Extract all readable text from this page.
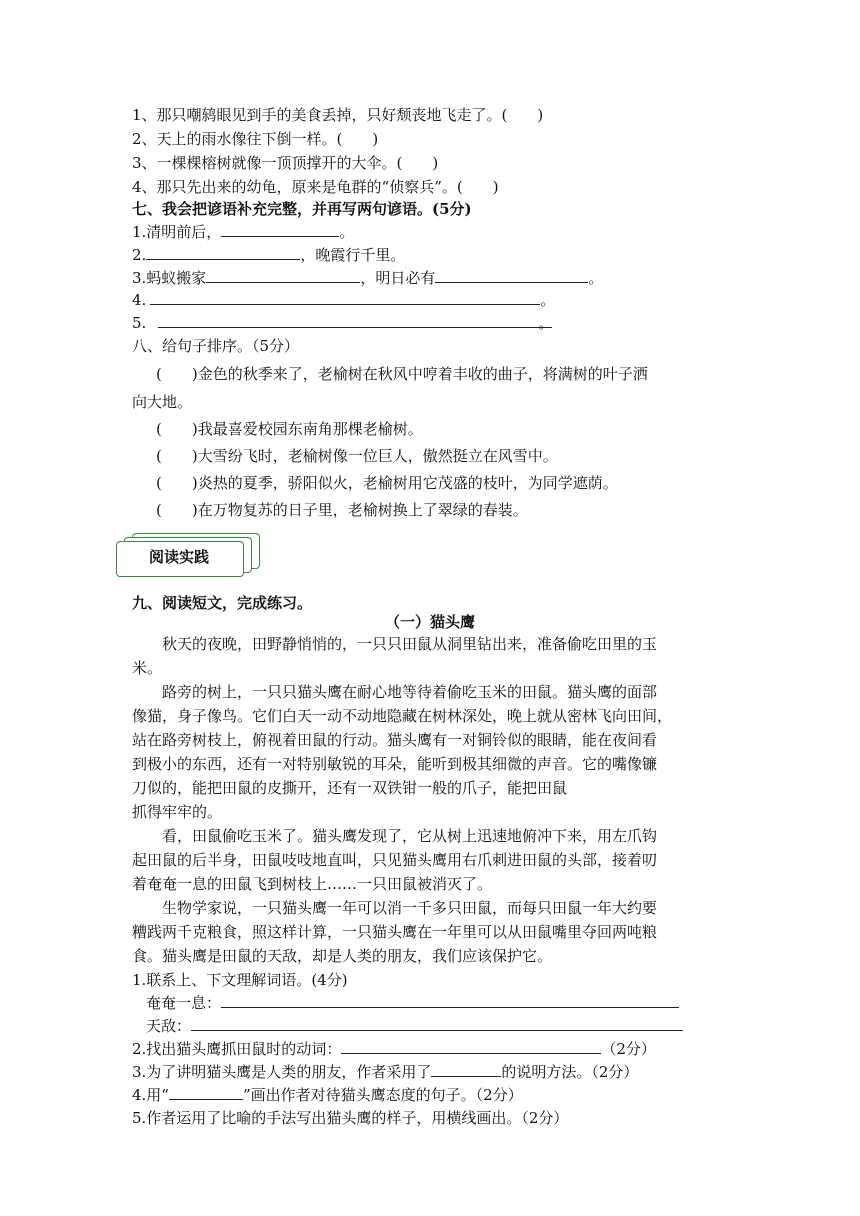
1、那只嘲鸫眼见到手的美食丢掉，只好颓丧地飞走了。(　　)
2、天上的雨水像往下倒一样。(　　)
3、一棵棵榕树就像一顶顶撑开的大伞。(　　)
4、那只先出来的幼龟，原来是龟群的“侦察兵”。(　　)
七、我会把谚语补充完整，并再写两句谚语。(5分)
1.清明前后，	。
2.	，晚霞行千里。
3.蚂蚁搬家	，明日必有	。
4.	。
5.	。
八、给句子排序。（5分）
(　　)金色的秋季来了，老榆树在秋风中哼着丰收的曲子，将满树的叶子洒
向大地。
(　　)我最喜爱校园东南角那棵老榆树。
(　　)大雪纷飞时，老榆树像一位巨人，傲然挺立在风雪中。
(　　)炎热的夏季，骄阳似火，老榆树用它茂盛的枝叶，为同学遮荫。
(　　)在万物复苏的日子里，老榆树换上了翠绿的春装。
阅读实践
九、阅读短文，完成练习。
（一）猫头鹰
　　秋天的夜晚，田野静悄悄的，一只只田鼠从洞里钻出来，准备偷吃田里的玉
米。
　　路旁的树上，一只只猫头鹰在耐心地等待着偷吃玉米的田鼠。猫头鹰的面部
像猫，身子像鸟。它们白天一动不动地隐藏在树林深处，晚上就从密林飞向田间，
站在路旁树枝上，俯视着田鼠的行动。猫头鹰有一对铜铃似的眼睛，能在夜间看
到极小的东西，还有一对特别敏锐的耳朵，能听到极其细微的声音。它的嘴像镰
刀似的，能把田鼠的皮撕开，还有一双铁钳一般的爪子，能把田鼠
抓得牢牢的。
　　看，田鼠偷吃玉米了。猫头鹰发现了，它从树上迅速地俯冲下来，用左爪钩
起田鼠的后半身，田鼠吱吱地直叫，只见猫头鹰用右爪刺进田鼠的头部，接着叨
着奄奄一息的田鼠飞到树枝上……一只田鼠被消灭了。
　　生物学家说，一只猫头鹰一年可以消一千多只田鼠，而每只田鼠一年大约要
糟践两千克粮食，照这样计算，一只猫头鹰在一年里可以从田鼠嘴里夺回两吨粮
食。猫头鹰是田鼠的天敌，却是人类的朋友，我们应该保护它。
1.联系上、下文理解词语。(4分)
奄奄一息：
天敌：
2.找出猫头鹰抓田鼠时的动词：	（2分）
3.为了讲明猫头鹰是人类的朋友，作者采用了	的说明方法。（2分）
4.用“	”画出作者对待猫头鹰态度的句子。（2分）
5.作者运用了比喻的手法写出猫头鹰的样子，用横线画出。（2分）
